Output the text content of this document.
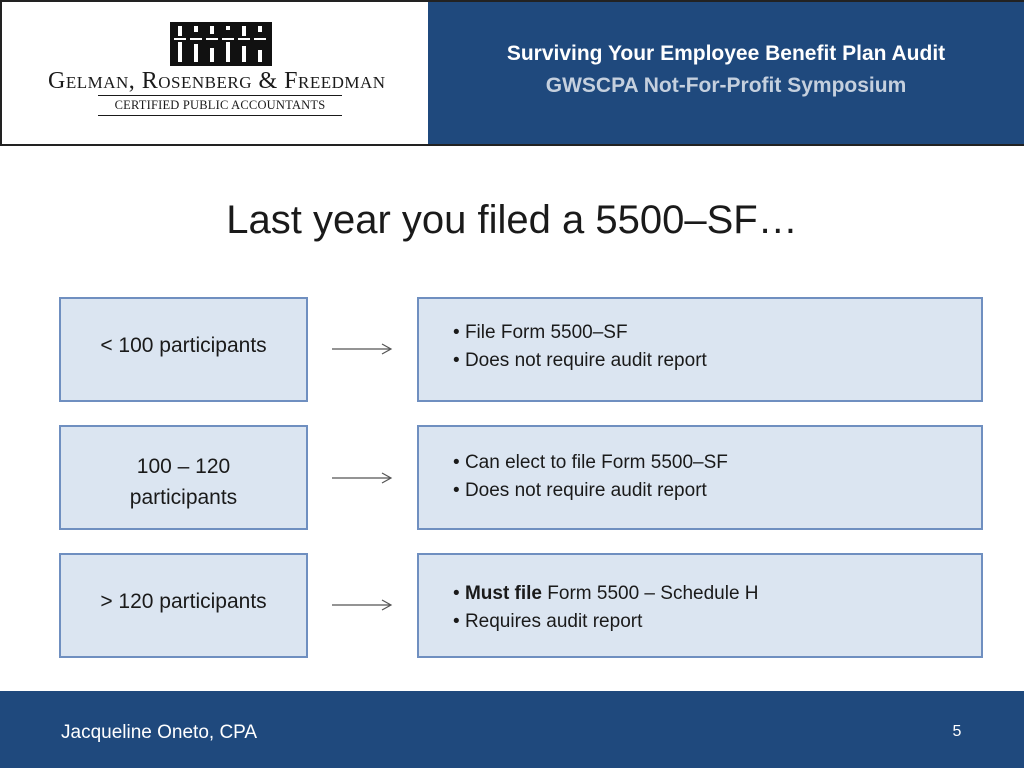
Gelman, Rosenberg & Freedman
CERTIFIED PUBLIC ACCOUNTANTS
Surviving Your Employee Benefit Plan Audit
GWSCPA Not-For-Profit Symposium
Last year you filed a 5500–SF…
< 100 participants
• File Form 5500–SF
• Does not require audit report
100 – 120
participants
• Can elect to file Form 5500–SF
• Does not require audit report
> 120 participants	• Must file Form 5500 – Schedule H
• Requires audit report
Jacqueline Oneto, CPA	5
